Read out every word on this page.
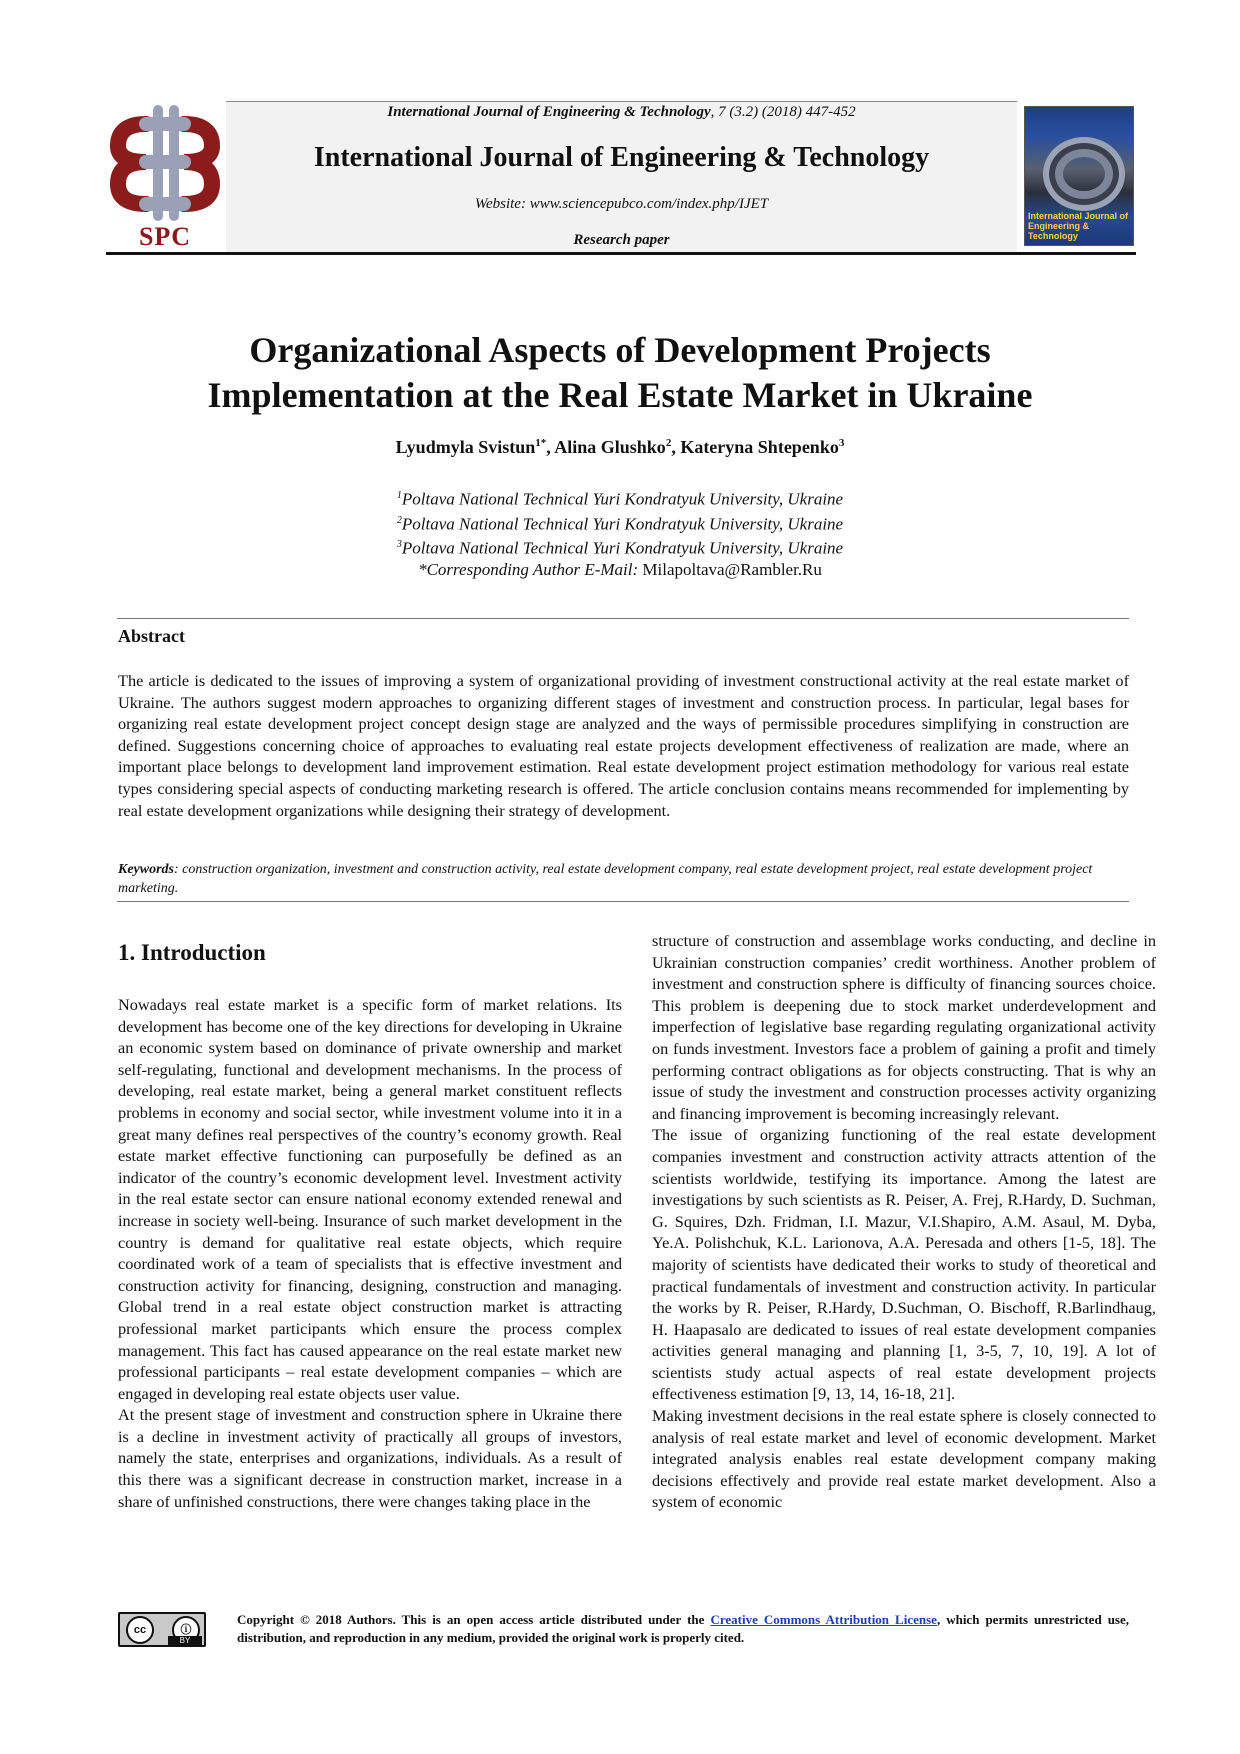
SPC
International Journal of Engineering & Technology, 7 (3.2) (2018) 447-452
International Journal of Engineering & Technology
Website: www.sciencepubco.com/index.php/IJET
Research paper
International Journal of Engineering & Technology
Organizational Aspects of Development Projects
Implementation at the Real Estate Market in Ukraine
Lyudmyla Svistun$^{1*}$, Alina Glushko$^2$, Kateryna Shtepenko$^3$
$^1$Poltava National Technical Yuri Kondratyuk University, Ukraine
$^2$Poltava National Technical Yuri Kondratyuk University, Ukraine
$^3$Poltava National Technical Yuri Kondratyuk University, Ukraine
*Corresponding Author E-Mail: Milapoltava@Rambler.Ru
Abstract
The article is dedicated to the issues of improving a system of organizational providing of investment constructional activity at the real estate market of Ukraine. The authors suggest modern approaches to organizing different stages of investment and construction process. In particular, legal bases for organizing real estate development project concept design stage are analyzed and the ways of permissible procedures simplifying in construction are defined. Suggestions concerning choice of approaches to evaluating real estate projects development effectiveness of realization are made, where an important place belongs to development land improvement estimation. Real estate development project estimation methodology for various real estate types considering special aspects of conducting marketing research is offered. The article conclusion contains means recommended for implementing by real estate development organizations while designing their strategy of development.
Keywords: construction organization, investment and construction activity, real estate development company, real estate development project, real estate development project marketing.
1. Introduction

Nowadays real estate market is a specific form of market relations. Its development has become one of the key directions for developing in Ukraine an economic system based on dominance of private ownership and market self-regulating, functional and development mechanisms. In the process of developing, real estate market, being a general market constituent reflects problems in economy and social sector, while investment volume into it in a great many defines real perspectives of the country’s economy growth. Real estate market effective functioning can purposefully be defined as an indicator of the country’s economic development level. Investment activity in the real estate sector can ensure national economy extended renewal and increase in society well-being. Insurance of such market development in the country is demand for qualitative real estate objects, which require coordinated work of a team of specialists that is effective investment and construction activity for financing, designing, construction and managing. Global trend in a real estate object construction market is attracting professional market participants which ensure the process complex management. This fact has caused appearance on the real estate market new professional participants – real estate development companies – which are engaged in developing real estate objects user value.

At the present stage of investment and construction sphere in Ukraine there is a decline in investment activity of practically all groups of investors, namely the state, enterprises and organizations, individuals. As a result of this there was a significant decrease in construction market, increase in a share of unfinished constructions, there were changes taking place in the

structure of construction and assemblage works conducting, and decline in Ukrainian construction companies’ credit worthiness. Another problem of investment and construction sphere is difficulty of financing sources choice. This problem is deepening due to stock market underdevelopment and imperfection of legislative base regarding regulating organizational activity on funds investment. Investors face a problem of gaining a profit and timely performing contract obligations as for objects constructing. That is why an issue of study the investment and construction processes activity organizing and financing improvement is becoming increasingly relevant.

The issue of organizing functioning of the real estate development companies investment and construction activity attracts attention of the scientists worldwide, testifying its importance. Among the latest are investigations by such scientists as R. Peiser, A. Frej, R.Hardy, D. Suchman, G. Squires, Dzh. Fridman, I.I. Mazur, V.I.Shapiro, A.M. Asaul, M. Dyba, Ye.A. Polishchuk, K.L. Larionova, A.A. Peresada and others [1-5, 18]. The majority of scientists have dedicated their works to study of theoretical and practical fundamentals of investment and construction activity. In particular the works by R. Peiser, R.Hardy, D.Suchman, O. Bischoff, R.Barlindhaug, H. Haapasalo are dedicated to issues of real estate development companies activities general managing and planning [1, 3-5, 7, 10, 19]. A lot of scientists study actual aspects of real estate development projects effectiveness estimation [9, 13, 14, 16-18, 21].

Making investment decisions in the real estate sphere is closely connected to analysis of real estate market and level of economic development. Market integrated analysis enables real estate development company making decisions effectively and provide real estate market development. Also a system of economic

cc	ⓘ
BY
Copyright © 2018 Authors. This is an open access article distributed under the Creative Commons Attribution License, which permits unrestricted use, distribution, and reproduction in any medium, provided the original work is properly cited.
